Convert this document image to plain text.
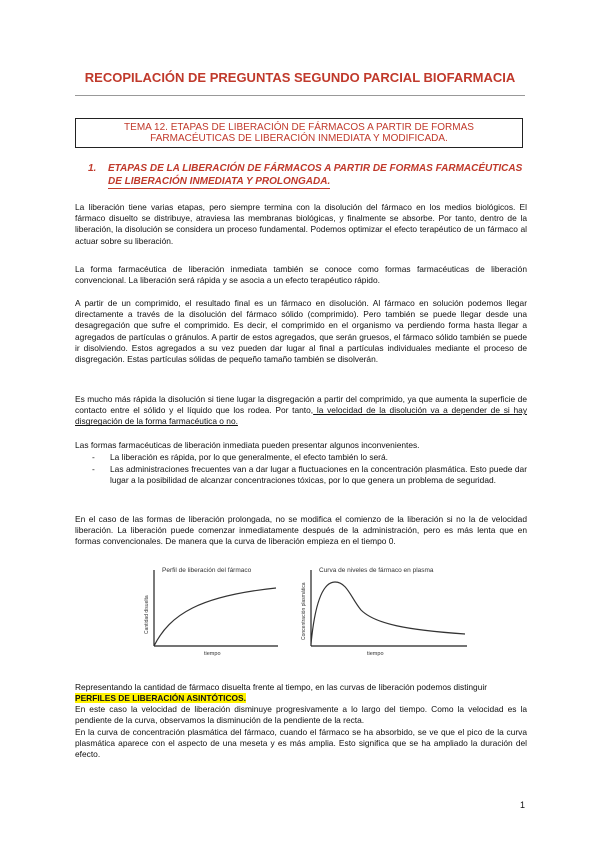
RECOPILACIÓN DE PREGUNTAS SEGUNDO PARCIAL BIOFARMACIA
TEMA 12. ETAPAS DE LIBERACIÓN DE FÁRMACOS A PARTIR DE FORMAS
FARMACÉUTICAS DE LIBERACIÓN INMEDIATA Y MODIFICADA.
1. ETAPAS DE LA LIBERACIÓN DE FÁRMACOS A PARTIR DE FORMAS FARMACÉUTICAS
DE LIBERACIÓN INMEDIATA Y PROLONGADA.
La liberación tiene varias etapas, pero siempre termina con la disolución del fármaco en los medios biológicos. El fármaco disuelto se distribuye, atraviesa las membranas biológicas, y finalmente se absorbe. Por tanto, dentro de la liberación, la disolución se considera un proceso fundamental. Podemos optimizar el efecto terapéutico de un fármaco al actuar sobre su liberación.
La forma farmacéutica de liberación inmediata también se conoce como formas farmacéuticas de liberación convencional. La liberación será rápida y se asocia a un efecto terapéutico rápido.
A partir de un comprimido, el resultado final es un fármaco en disolución. Al fármaco en solución podemos llegar directamente a través de la disolución del fármaco sólido (comprimido). Pero también se puede llegar desde una desagregación que sufre el comprimido. Es decir, el comprimido en el organismo va perdiendo forma hasta llegar a agregados de partículas o gránulos. A partir de estos agregados, que serán gruesos, el fármaco sólido también se puede ir disolviendo. Estos agregados a su vez pueden dar lugar al final a partículas individuales mediante el proceso de disgregación. Estas partículas sólidas de pequeño tamaño también se disolverán.
Es mucho más rápida la disolución si tiene lugar la disgregación a partir del comprimido, ya que aumenta la superficie de contacto entre el sólido y el líquido que los rodea. Por tanto, la velocidad de la disolución va a depender de si hay disgregación de la forma farmacéutica o no.
Las formas farmacéuticas de liberación inmediata pueden presentar algunos inconvenientes.
- La liberación es rápida, por lo que generalmente, el efecto también lo será.
- Las administraciones frecuentes van a dar lugar a fluctuaciones en la concentración plasmática. Esto puede dar lugar a la posibilidad de alcanzar concentraciones tóxicas, por lo que genera un problema de seguridad.
En el caso de las formas de liberación prolongada, no se modifica el comienzo de la liberación si no la de velocidad liberación. La liberación puede comenzar inmediatamente después de la administración, pero es más lenta que en formas convencionales. De manera que la curva de liberación empieza en el tiempo 0.
Perfil de liberación del fármaco
Cantidad disuelta
tiempo
Curva de niveles de fármaco en plasma
Concentración plasmática
tiempo
Representando la cantidad de fármaco disuelta frente al tiempo, en las curvas de liberación podemos distinguir
PERFILES DE LIBERACIÓN ASINTÓTICOS.
En este caso la velocidad de liberación disminuye progresivamente a lo largo del tiempo. Como la velocidad es la pendiente de la curva, observamos la disminución de la pendiente de la recta.
En la curva de concentración plasmática del fármaco, cuando el fármaco se ha absorbido, se ve que el pico de la curva plasmática aparece con el aspecto de una meseta y es más amplia. Esto significa que se ha ampliado la duración del efecto.
1
